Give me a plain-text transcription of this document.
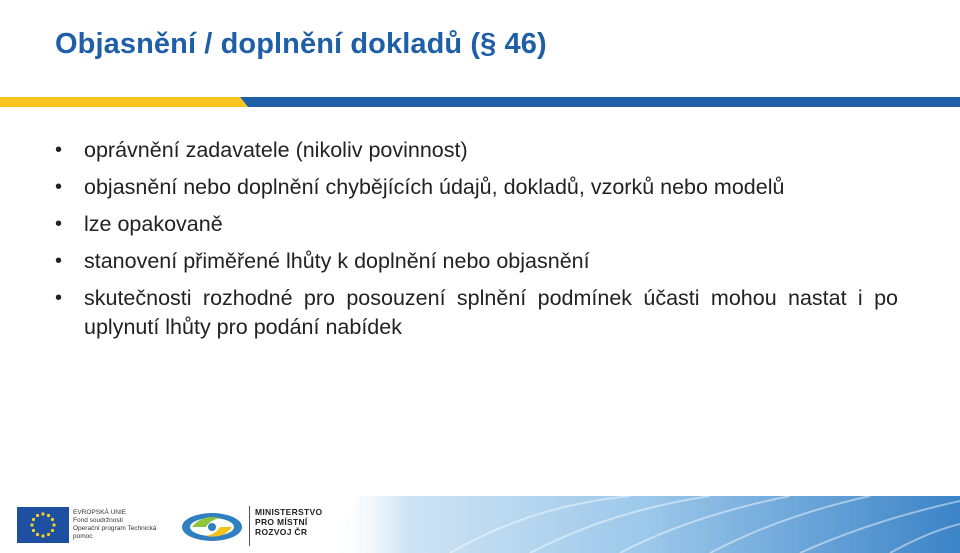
Objasnění / doplnění dokladů (§ 46)
• oprávnění zadavatele (nikoliv povinnost)
• objasnění nebo doplnění chybějících údajů, dokladů, vzorků nebo modelů
• lze opakovaně
• stanovení přiměřené lhůty k doplnění nebo objasnění
• skutečnosti rozhodné pro posouzení splnění podmínek účasti mohou nastat i po uplynutí lhůty pro podání nabídek
EVROPSKÁ UNIE
Fond soudržnosti
Operační program Technická pomoc
MINISTERSTVO
PRO MÍSTNÍ
ROZVOJ ČR
